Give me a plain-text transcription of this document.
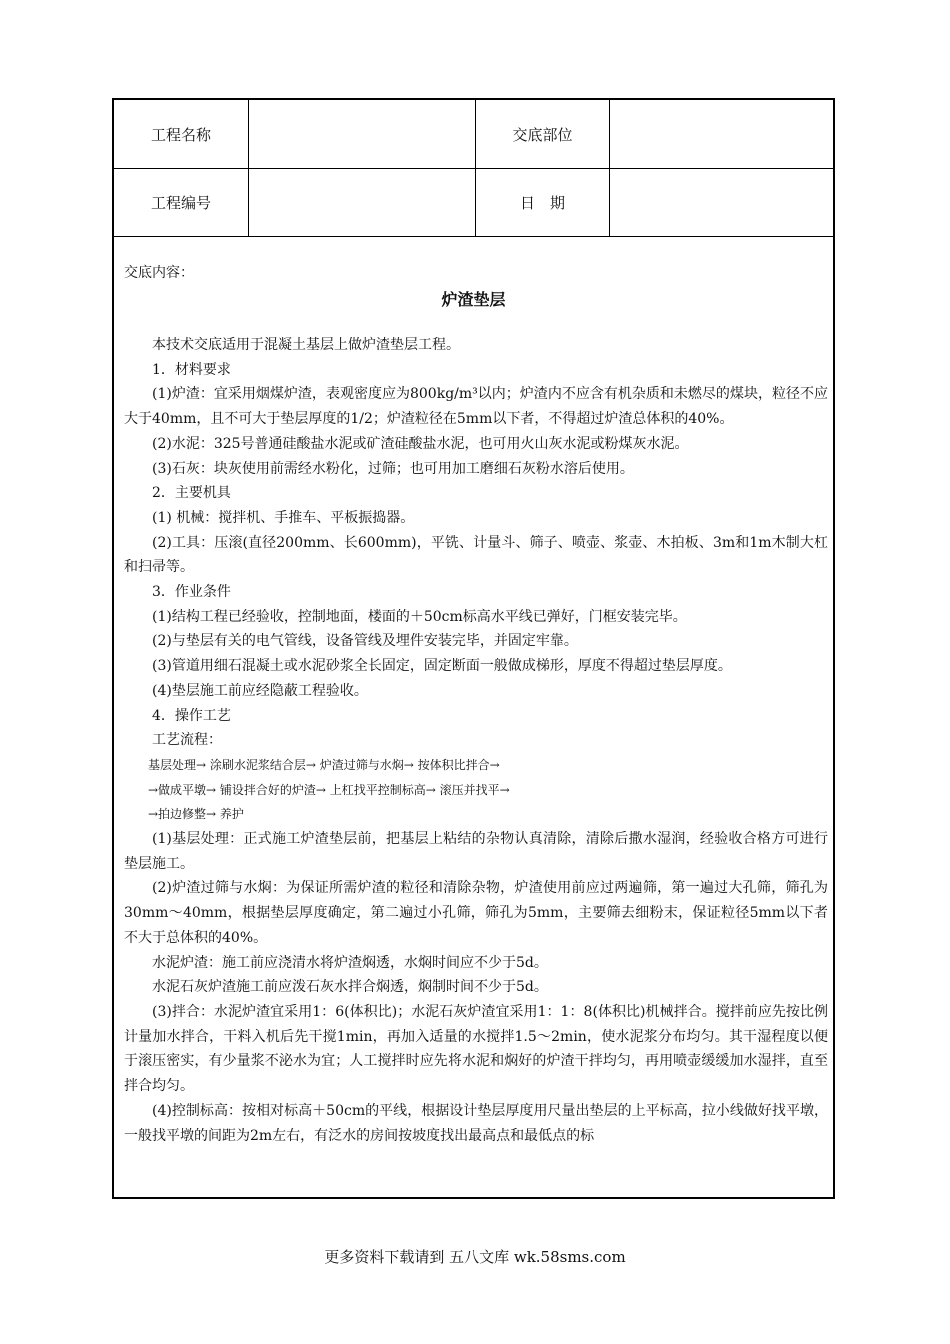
工程名称	交底部位
工程编号	日　期
交底内容：
炉渣垫层

本技术交底适用于混凝土基层上做炉渣垫层工程。

1．材料要求

(1)炉渣：宜采用烟煤炉渣，表观密度应为800kg/m³以内；炉渣内不应含有机杂质和未燃尽的煤块，粒径不应大于40mm，且不可大于垫层厚度的1/2；炉渣粒径在5mm以下者，不得超过炉渣总体积的40%。

(2)水泥：325号普通硅酸盐水泥或矿渣硅酸盐水泥，也可用火山灰水泥或粉煤灰水泥。

(3)石灰：块灰使用前需经水粉化，过筛；也可用加工磨细石灰粉水溶后使用。

2．主要机具

(1) 机械：搅拌机、手推车、平板振捣器。

(2)工具：压滚(直径200mm、长600mm)，平铣、计量斗、筛子、喷壶、浆壶、木拍板、3m和1m木制大杠和扫帚等。

3．作业条件

(1)结构工程已经验收，控制地面，楼面的＋50cm标高水平线已弹好，门框安装完毕。

(2)与垫层有关的电气管线，设备管线及埋件安装完毕，并固定牢靠。

(3)管道用细石混凝土或水泥砂浆全长固定，固定断面一般做成梯形，厚度不得超过垫层厚度。

(4)垫层施工前应经隐蔽工程验收。

4．操作工艺

工艺流程：

基层处理→ 涂刷水泥浆结合层→ 炉渣过筛与水焖→ 按体积比拌合→

→做成平墩→ 铺设拌合好的炉渣→ 上杠找平控制标高→ 滚压并找平→

→拍边修整→ 养护

(1)基层处理：正式施工炉渣垫层前，把基层上粘结的杂物认真清除，清除后撒水湿润，经验收合格方可进行垫层施工。

(2)炉渣过筛与水焖：为保证所需炉渣的粒径和清除杂物，炉渣使用前应过两遍筛，第一遍过大孔筛，筛孔为30mm～40mm，根据垫层厚度确定，第二遍过小孔筛，筛孔为5mm，主要筛去细粉末，保证粒径5mm以下者不大于总体积的40%。

水泥炉渣：施工前应浇清水将炉渣焖透，水焖时间应不少于5d。

水泥石灰炉渣施工前应泼石灰水拌合焖透，焖制时间不少于5d。

(3)拌合：水泥炉渣宜采用1：6(体积比)；水泥石灰炉渣宜采用1：1：8(体积比)机械拌合。搅拌前应先按比例计量加水拌合，干料入机后先干搅1min，再加入适量的水搅拌1.5～2min，使水泥浆分布均匀。其干湿程度以便于滚压密实，有少量浆不泌水为宜；人工搅拌时应先将水泥和焖好的炉渣干拌均匀，再用喷壶缓缓加水湿拌，直至拌合均匀。

(4)控制标高：按相对标高＋50cm的平线，根据设计垫层厚度用尺量出垫层的上平标高，拉小线做好找平墩，一般找平墩的间距为2m左右，有泛水的房间按坡度找出最高点和最低点的标

更多资料下载请到 五八文库 wk.58sms.com
